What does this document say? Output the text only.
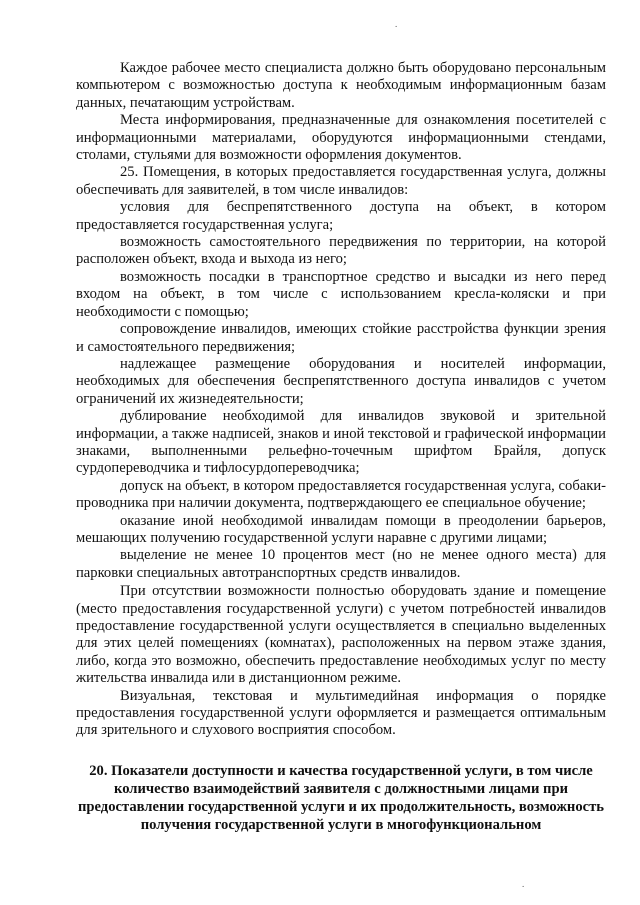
.

Каждое рабочее место специалиста должно быть оборудовано персональным компьютером с возможностью доступа к необходимым информационным базам данных, печатающим устройствам.

Места информирования, предназначенные для ознакомления посетителей с информационными материалами, оборудуются информационными стендами, столами, стульями для возможности оформления документов.

25. Помещения, в которых предоставляется государственная услуга, должны обеспечивать для заявителей, в том числе инвалидов:

условия для беспрепятственного доступа на объект, в котором предоставляется государственная услуга;

возможность самостоятельного передвижения по территории, на которой расположен объект, входа и выхода из него;

возможность посадки в транспортное средство и высадки из него перед входом на объект, в том числе с использованием кресла-коляски и при необходимости с помощью;

сопровождение инвалидов, имеющих стойкие расстройства функции зрения и самостоятельного передвижения;

надлежащее размещение оборудования и носителей информации, необходимых для обеспечения беспрепятственного доступа инвалидов с учетом ограничений их жизнедеятельности;

дублирование необходимой для инвалидов звуковой и зрительной информации, а также надписей, знаков и иной текстовой и графической информации знаками, выполненными рельефно-точечным шрифтом Брайля, допуск сурдопереводчика и тифлосурдопереводчика;

допуск на объект, в котором предоставляется государственная услуга, собаки-проводника при наличии документа, подтверждающего ее специальное обучение;

оказание иной необходимой инвалидам помощи в преодолении барьеров, мешающих получению государственной услуги наравне с другими лицами;

выделение не менее 10 процентов мест (но не менее одного места) для парковки специальных автотранспортных средств инвалидов.

При отсутствии возможности полностью оборудовать здание и помещение (место предоставления государственной услуги) с учетом потребностей инвалидов предоставление государственной услуги осуществляется в специально выделенных для этих целей помещениях (комнатах), расположенных на первом этаже здания, либо, когда это возможно, обеспечить предоставление необходимых услуг по месту жительства инвалида или в дистанционном режиме.

Визуальная, текстовая и мультимедийная информация о порядке предоставления государственной услуги оформляется и размещается оптимальным для зрительного и слухового восприятия способом.

20. Показатели доступности и качества государственной услуги, в том числе количество взаимодействий заявителя с должностными лицами при предоставлении государственной услуги и их продолжительность, возможность получения государственной услуги в многофункциональном
.
